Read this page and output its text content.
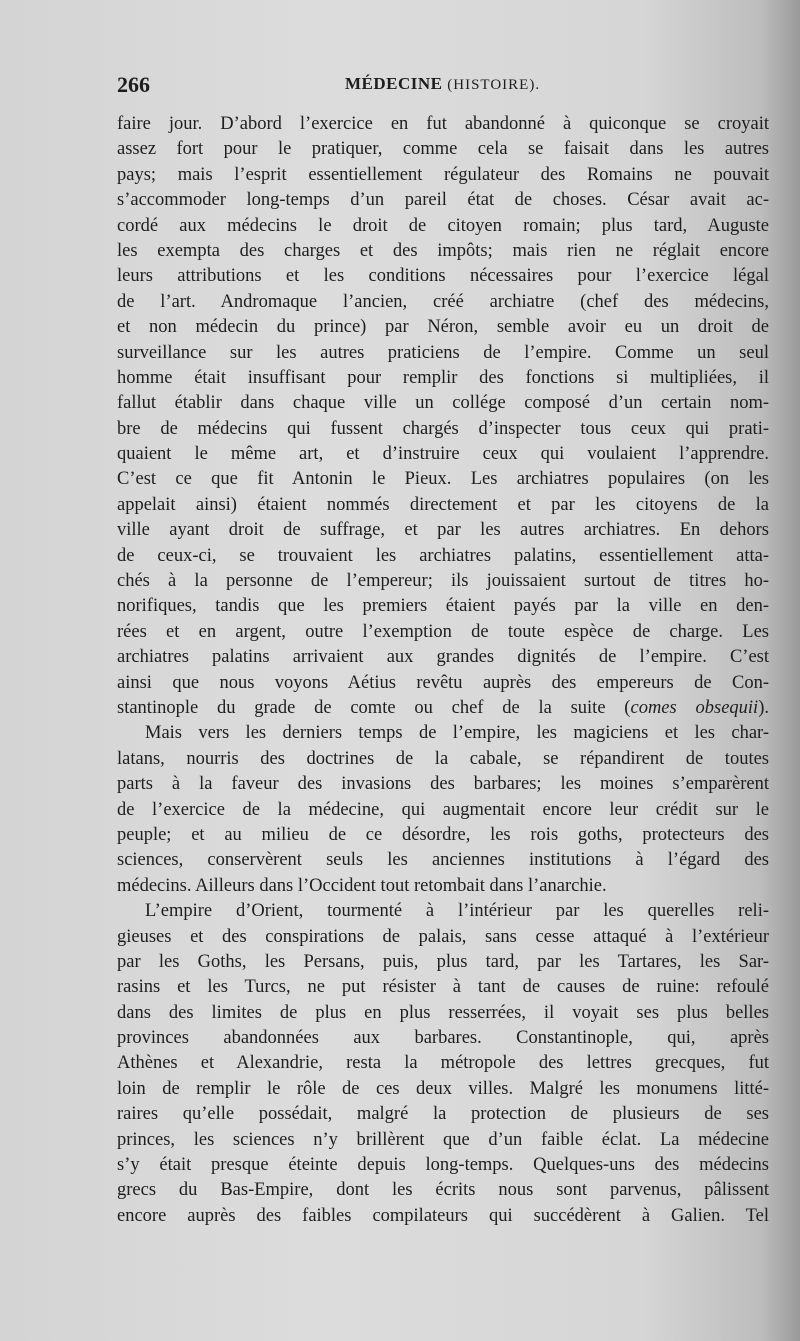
266	MÉDECINE (HISTOIRE).
faire jour. D’abord l’exercice en fut abandonné à quiconque se croyait
assez fort pour le pratiquer, comme cela se faisait dans les autres
pays; mais l’esprit essentiellement régulateur des Romains ne pouvait
s’accommoder long-temps d’un pareil état de choses. César avait ac-
cordé aux médecins le droit de citoyen romain; plus tard, Auguste
les exempta des charges et des impôts; mais rien ne réglait encore
leurs attributions et les conditions nécessaires pour l’exercice légal
de l’art. Andromaque l’ancien, créé archiatre (chef des médecins,
et non médecin du prince) par Néron, semble avoir eu un droit de
surveillance sur les autres praticiens de l’empire. Comme un seul
homme était insuffisant pour remplir des fonctions si multipliées, il
fallut établir dans chaque ville un collége composé d’un certain nom-
bre de médecins qui fussent chargés d’inspecter tous ceux qui prati-
quaient le même art, et d’instruire ceux qui voulaient l’apprendre.
C’est ce que fit Antonin le Pieux. Les archiatres populaires (on les
appelait ainsi) étaient nommés directement et par les citoyens de la
ville ayant droit de suffrage, et par les autres archiatres. En dehors
de ceux-ci, se trouvaient les archiatres palatins, essentiellement atta-
chés à la personne de l’empereur; ils jouissaient surtout de titres ho-
norifiques, tandis que les premiers étaient payés par la ville en den-
rées et en argent, outre l’exemption de toute espèce de charge. Les
archiatres palatins arrivaient aux grandes dignités de l’empire. C’est
ainsi que nous voyons Aétius revêtu auprès des empereurs de Con-
stantinople du grade de comte ou chef de la suite (comes obsequii).
Mais vers les derniers temps de l’empire, les magiciens et les char-
latans, nourris des doctrines de la cabale, se répandirent de toutes
parts à la faveur des invasions des barbares; les moines s’emparèrent
de l’exercice de la médecine, qui augmentait encore leur crédit sur le
peuple; et au milieu de ce désordre, les rois goths, protecteurs des
sciences, conservèrent seuls les anciennes institutions à l’égard des
médecins. Ailleurs dans l’Occident tout retombait dans l’anarchie.
L’empire d’Orient, tourmenté à l’intérieur par les querelles reli-
gieuses et des conspirations de palais, sans cesse attaqué à l’extérieur
par les Goths, les Persans, puis, plus tard, par les Tartares, les Sar-
rasins et les Turcs, ne put résister à tant de causes de ruine: refoulé
dans des limites de plus en plus resserrées, il voyait ses plus belles
provinces abandonnées aux barbares. Constantinople, qui, après
Athènes et Alexandrie, resta la métropole des lettres grecques, fut
loin de remplir le rôle de ces deux villes. Malgré les monumens litté-
raires qu’elle possédait, malgré la protection de plusieurs de ses
princes, les sciences n’y brillèrent que d’un faible éclat. La médecine
s’y était presque éteinte depuis long-temps. Quelques-uns des médecins
grecs du Bas-Empire, dont les écrits nous sont parvenus, pâlissent
encore auprès des faibles compilateurs qui succédèrent à Galien. Tel
